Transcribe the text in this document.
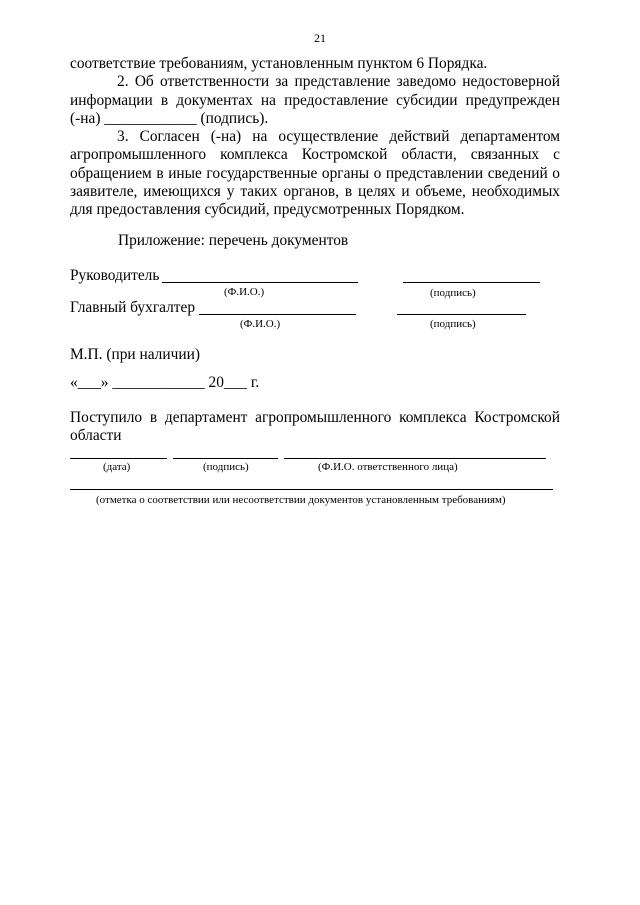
21
соответствие требованиям, установленным пунктом 6 Порядка.
2. Об ответственности за представление заведомо недостоверной
информации в документах на предоставление субсидии предупрежден
(-на) ____________ (подпись).
3. Согласен (-на) на осуществление действий департаментом
агропромышленного комплекса Костромской области, связанных с
обращением в иные государственные органы о представлении сведений о
заявителе, имеющихся у таких органов, в целях и объеме, необходимых
для предоставления субсидий, предусмотренных Порядком.
Приложение: перечень документов
Руководитель
(Ф.И.О.)	(подпись)
Главный бухгалтер
(Ф.И.О.)	(подпись)
М.П. (при наличии)
«___» ____________ 20___ г.
Поступило в департамент агропромышленного комплекса Костромской
области
(дата)	(подпись)	(Ф.И.О. ответственного лица)
(отметка о соответствии или несоответствии документов установленным требованиям)
